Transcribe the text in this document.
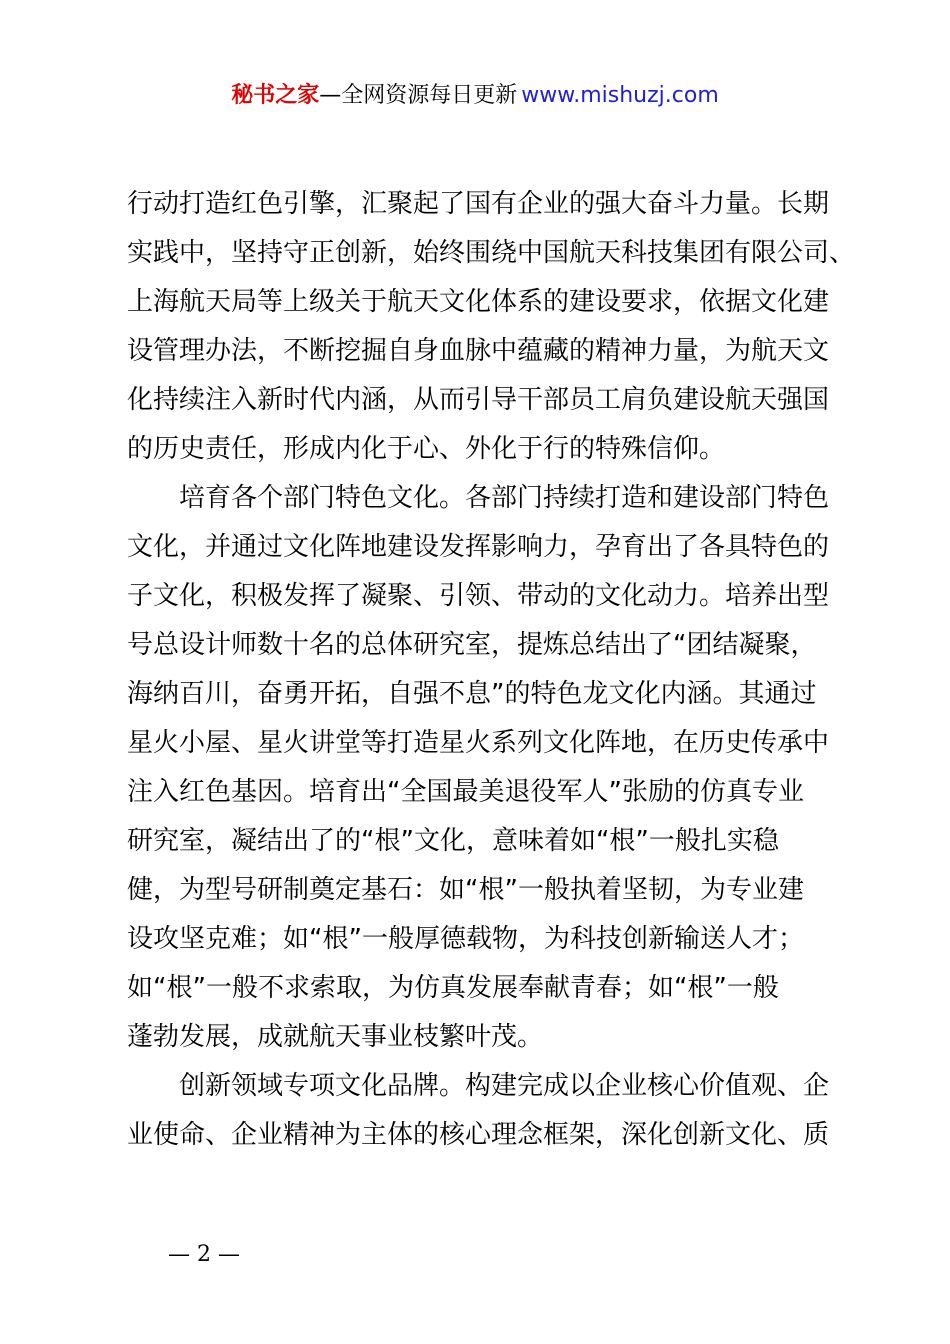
秘书之家—全网资源每日更新 www.mishuzj.com
行动打造红色引擎，汇聚起了国有企业的强大奋斗力量。长期
实践中，坚持守正创新，始终围绕中国航天科技集团有限公司、
上海航天局等上级关于航天文化体系的建设要求，依据文化建
设管理办法，不断挖掘自身血脉中蕴藏的精神力量，为航天文
化持续注入新时代内涵，从而引导干部员工肩负建设航天强国
的历史责任，形成内化于心、外化于行的特殊信仰。
　　培育各个部门特色文化。各部门持续打造和建设部门特色
文化，并通过文化阵地建设发挥影响力，孕育出了各具特色的
子文化，积极发挥了凝聚、引领、带动的文化动力。培养出型
号总设计师数十名的总体研究室，提炼总结出了“团结凝聚，
海纳百川，奋勇开拓，自强不息”的特色龙文化内涵。其通过
星火小屋、星火讲堂等打造星火系列文化阵地，在历史传承中
注入红色基因。培育出“全国最美退役军人”张励的仿真专业
研究室，凝结出了的“根”文化，意味着如“根”一般扎实稳
健，为型号研制奠定基石：如“根”一般执着坚韧，为专业建
设攻坚克难；如“根”一般厚德载物，为科技创新输送人才；
如“根”一般不求索取，为仿真发展奉献青春；如“根”一般
蓬勃发展，成就航天事业枝繁叶茂。
　　创新领域专项文化品牌。构建完成以企业核心价值观、企
业使命、企业精神为主体的核心理念框架，深化创新文化、质
— 2 —
